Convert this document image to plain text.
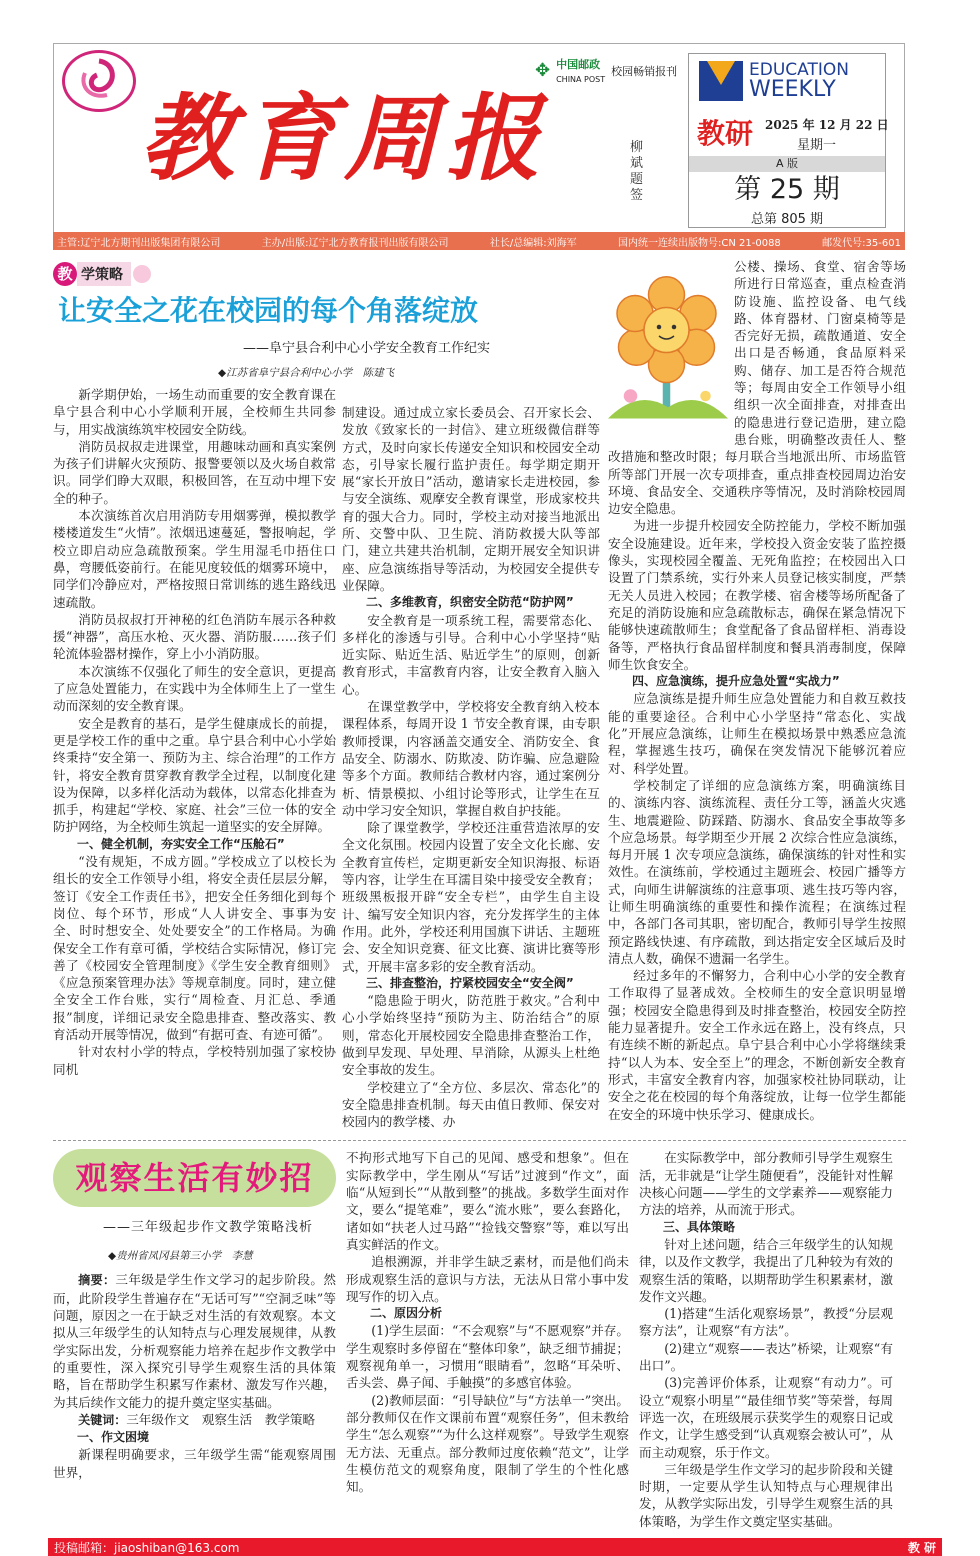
教育周报	柳斌题签
✥ 中国邮政
CHINA POST
校园畅销报刊	EDUCATION
WEEKLY
教研 2025 年 12 月 22 日
星期一
A 版
第 25 期
总第 805 期
主管:辽宁北方期刊出版集团有限公司	主办/出版:辽宁北方教育报刊出版有限公司	社长/总编辑:刘海军	国内统一连续出版物号:CN 21-0088	邮发代号:35-601
教 学策略
让安全之花在校园的每个角落绽放
——阜宁县合利中心小学安全教育工作纪实
◆江苏省阜宁县合利中心小学　陈建飞

新学期伊始，一场生动而重要的安全教育课在阜宁县合利中心小学顺利开展，全校师生共同参与，用实战演练筑牢校园安全防线。

消防员叔叔走进课堂，用趣味动画和真实案例为孩子们讲解火灾预防、报警要领以及火场自救常识。同学们睁大双眼，积极回答，在互动中埋下安全的种子。

本次演练首次启用消防专用烟雾弹，模拟教学楼楼道发生“火情”。浓烟迅速蔓延，警报响起，学校立即启动应急疏散预案。学生用湿毛巾捂住口鼻，弯腰低姿前行。在能见度较低的烟雾环境中，同学们冷静应对，严格按照日常训练的逃生路线迅速疏散。

消防员叔叔打开神秘的红色消防车展示各种救援“神器”，高压水枪、灭火器、消防服……孩子们轮流体验器材操作，穿上小小消防服。

本次演练不仅强化了师生的安全意识，更提高了应急处置能力，在实践中为全体师生上了一堂生动而深刻的安全教育课。

安全是教育的基石，是学生健康成长的前提，更是学校工作的重中之重。阜宁县合利中心小学始终秉持“安全第一、预防为主、综合治理”的工作方针，将安全教育贯穿教育教学全过程，以制度化建设为保障，以多样化活动为载体，以常态化排查为抓手，构建起“学校、家庭、社会”三位一体的安全防护网络，为全校师生筑起一道坚实的安全屏障。

一、健全机制，夯实安全工作“压舱石”

“没有规矩，不成方圆。”学校成立了以校长为组长的安全工作领导小组，将安全责任层层分解，签订《安全工作责任书》，把安全任务细化到每个岗位、每个环节，形成“人人讲安全、事事为安全、时时想安全、处处要安全”的工作格局。为确保安全工作有章可循，学校结合实际情况，修订完善了《校园安全管理制度》《学生安全教育细则》《应急预案管理办法》等规章制度。同时，建立健全安全工作台账，实行“周检查、月汇总、季通报”制度，详细记录安全隐患排查、整改落实、教育活动开展等情况，做到“有据可查、有迹可循”。

针对农村小学的特点，学校特别加强了家校协同机

制建设。通过成立家长委员会、召开家长会、发放《致家长的一封信》、建立班级微信群等方式，及时向家长传递安全知识和校园安全动态，引导家长履行监护责任。每学期定期开展“家长开放日”活动，邀请家长走进校园，参与安全演练、观摩安全教育课堂，形成家校共育的强大合力。同时，学校主动对接当地派出所、交警中队、卫生院、消防救援大队等部门，建立共建共治机制，定期开展安全知识讲座、应急演练指导等活动，为校园安全提供专业保障。

二、多维教育，织密安全防范“防护网”

安全教育是一项系统工程，需要常态化、多样化的渗透与引导。合利中心小学坚持“贴近实际、贴近生活、贴近学生”的原则，创新教育形式，丰富教育内容，让安全教育入脑入心。

在课堂教学中，学校将安全教育纳入校本课程体系，每周开设 1 节安全教育课，由专职教师授课，内容涵盖交通安全、消防安全、食品安全、防溺水、防欺凌、防诈骗、应急避险等多个方面。教师结合教材内容，通过案例分析、情景模拟、小组讨论等形式，让学生在互动中学习安全知识，掌握自救自护技能。

除了课堂教学，学校还注重营造浓厚的安全文化氛围。校园内设置了安全文化长廊、安全教育宣传栏，定期更新安全知识海报、标语等内容，让学生在耳濡目染中接受安全教育；班级黑板报开辟“安全专栏”，由学生自主设计、编写安全知识内容，充分发挥学生的主体作用。此外，学校还利用国旗下讲话、主题班会、安全知识竞赛、征文比赛、演讲比赛等形式，开展丰富多彩的安全教育活动。

三、排查整治，拧紧校园安全“安全阀”

“隐患险于明火，防范胜于救灾。”合利中心小学始终坚持“预防为主、防治结合”的原则，常态化开展校园安全隐患排查整治工作，做到早发现、早处理、早消除，从源头上杜绝安全事故的发生。

学校建立了“全方位、多层次、常态化”的安全隐患排查机制。每天由值日教师、保安对校园内的教学楼、办

公楼、操场、食堂、宿舍等场所进行日常巡查，重点检查消防设施、监控设备、电气线路、体育器材、门窗桌椅等是否完好无损，疏散通道、安全出口是否畅通，食品原料采购、储存、加工是否符合规范等；每周由安全工作领导小组组织一次全面排查，对排查出的隐患进行登记造册，建立隐患台账，明确整改责任人、整改措施和整改时限；每月联合当地派出所、市场监管所等部门开展一次专项排查，重点排查校园周边治安环境、食品安全、交通秩序等情况，及时消除校园周边安全隐患。

为进一步提升校园安全防控能力，学校不断加强安全设施建设。近年来，学校投入资金安装了监控摄像头，实现校园全覆盖、无死角监控；在校园出入口设置了门禁系统，实行外来人员登记核实制度，严禁无关人员进入校园；在教学楼、宿舍楼等场所配备了充足的消防设施和应急疏散标志，确保在紧急情况下能够快速疏散师生；食堂配备了食品留样柜、消毒设备等，严格执行食品留样制度和餐具消毒制度，保障师生饮食安全。

四、应急演练，提升应急处置“实战力”

应急演练是提升师生应急处置能力和自救互救技能的重要途径。合利中心小学坚持“常态化、实战化”开展应急演练，让师生在模拟场景中熟悉应急流程，掌握逃生技巧，确保在突发情况下能够沉着应对、科学处置。

学校制定了详细的应急演练方案，明确演练目的、演练内容、演练流程、责任分工等，涵盖火灾逃生、地震避险、防踩踏、防溺水、食品安全事故等多个应急场景。每学期至少开展 2 次综合性应急演练，每月开展 1 次专项应急演练，确保演练的针对性和实效性。在演练前，学校通过主题班会、校园广播等方式，向师生讲解演练的注意事项、逃生技巧等内容，让师生明确演练的重要性和操作流程；在演练过程中，各部门各司其职，密切配合，教师引导学生按照预定路线快速、有序疏散，到达指定安全区域后及时清点人数，确保不遗漏一名学生。

经过多年的不懈努力，合利中心小学的安全教育工作取得了显著成效。全校师生的安全意识明显增强；校园安全隐患得到及时排查整治，校园安全防控能力显著提升。安全工作永远在路上，没有终点，只有连续不断的新起点。阜宁县合利中心小学将继续秉持“以人为本、安全至上”的理念，不断创新安全教育形式，丰富安全教育内容，加强家校社协同联动，让安全之花在校园的每个角落绽放，让每一位学生都能在安全的环境中快乐学习、健康成长。

观察生活有妙招
——三年级起步作文教学策略浅析
◆贵州省凤冈县第三小学　李慧

摘要：三年级是学生作文学习的起步阶段。然而，此阶段学生普遍存在“无话可写”“空洞乏味”等问题，原因之一在于缺乏对生活的有效观察。本文拟从三年级学生的认知特点与心理发展规律，从教学实际出发，分析观察能力培养在起步作文教学中的重要性，深入探究引导学生观察生活的具体策略，旨在帮助学生积累写作素材、激发写作兴趣，为其后续作文能力的提升奠定坚实基础。

关键词：三年级作文　观察生活　教学策略

一、作文困境

新课程明确要求，三年级学生需“能观察周围世界，

不拘形式地写下自己的见闻、感受和想象”。但在实际教学中，学生刚从“写话”过渡到“作文”，面临“从短到长”“从散到整”的挑战。多数学生面对作文，要么“提笔难”，要么“流水账”，要么套路化，诸如如“扶老人过马路”“捡钱交警察”等，难以写出真实鲜活的作文。

追根溯源，并非学生缺乏素材，而是他们尚未形成观察生活的意识与方法，无法从日常小事中发现写作的切入点。

二、原因分析

(1)学生层面：“不会观察”与“不愿观察”并存。学生观察时多停留在“整体印象”，缺乏细节捕捉；观察视角单一，习惯用“眼睛看”，忽略“耳朵听、舌头尝、鼻子闻、手触摸”的多感官体验。

(2)教师层面：“引导缺位”与“方法单一”突出。部分教师仅在作文课前布置“观察任务”，但未教给学生“怎么观察”“为什么这样观察”。导致学生观察无方法、无重点。部分教师过度依赖“范文”，让学生模仿范文的观察角度，限制了学生的个性化感知。

在实际教学中，部分教师引导学生观察生活，无非就是“让学生随便看”，没能针对性解决核心问题——学生的文学素养——观察能力方法的培养，从而流于形式。

三、具体策略

针对上述问题，结合三年级学生的认知规律，以及作文教学，我提出了几种较为有效的观察生活的策略，以期帮助学生积累素材，激发作文兴趣。

(1)搭建“生活化观察场景”，教授“分层观察方法”，让观察“有方法”。

(2)建立“观察——表达”桥梁，让观察“有出口”。

(3)完善评价体系，让观察“有动力”。可设立“观察小明星”“最佳细节奖”等荣誉，每周评选一次，在班级展示获奖学生的观察日记或作文，让学生感受到“认真观察会被认可”，从而主动观察，乐于作文。

三年级是学生作文学习的起步阶段和关键时期，一定要从学生认知特点与心理规律出发，从教学实际出发，引导学生观察生活的具体策略，为学生作文奠定坚实基础。

投稿邮箱：jiaoshiban@163.com	教 研
